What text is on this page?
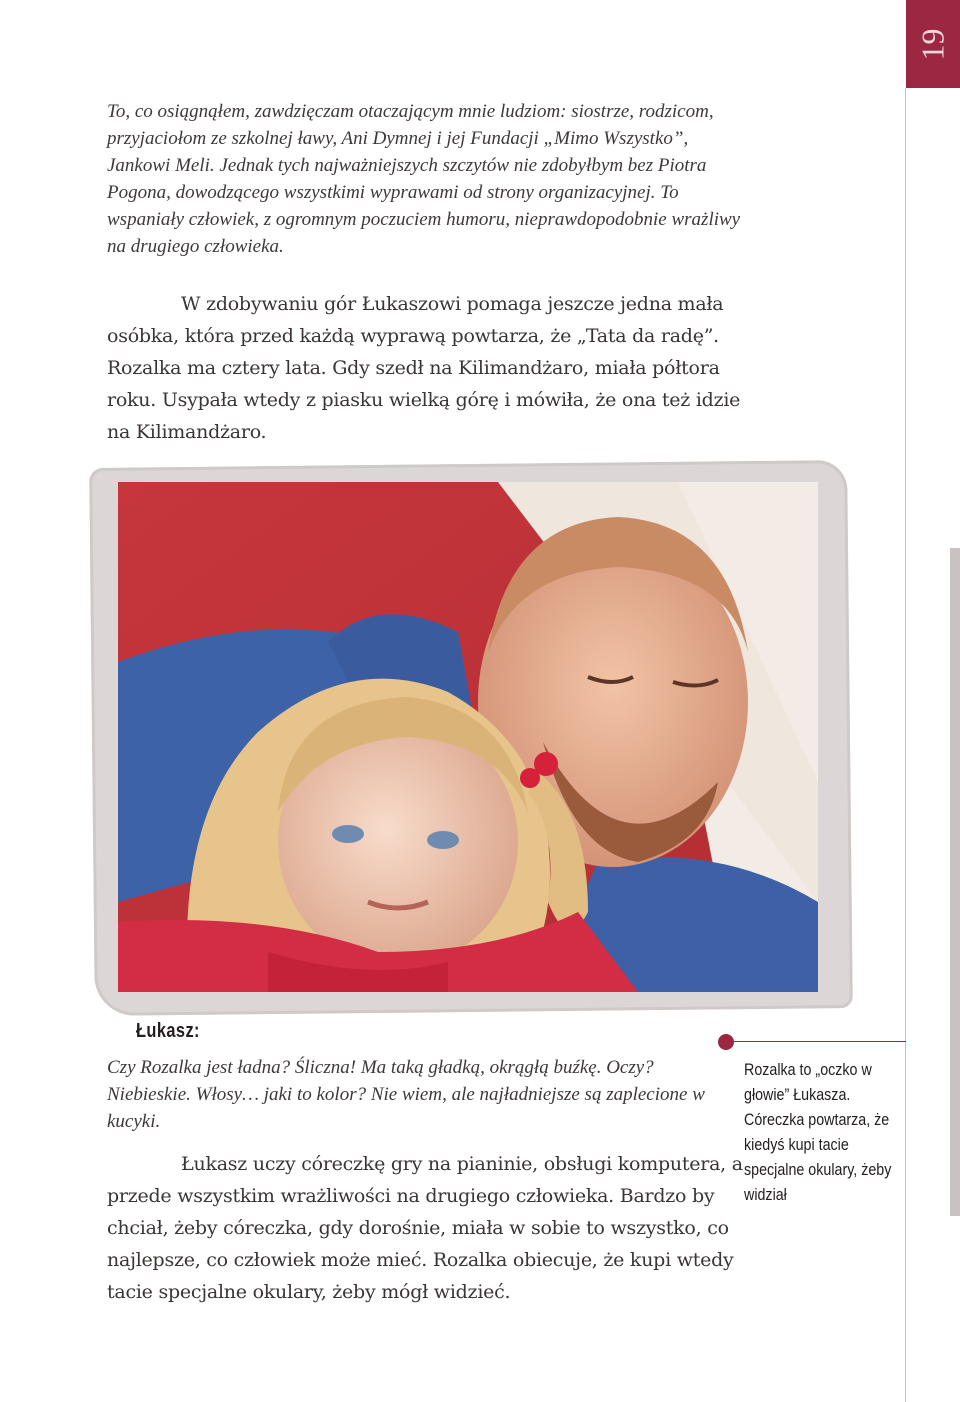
19

To, co osiągnąłem, zawdzięczam otaczającym mnie ludziom: siostrze, rodzicom, przyjaciołom ze szkolnej ławy, Ani Dymnej i jej Fundacji „Mimo Wszystko”, Jankowi Meli. Jednak tych najważniejszych szczytów nie zdobyłbym bez Piotra Pogona, dowodzącego wszystkimi wyprawami od strony organizacyjnej. To wspaniały człowiek, z ogromnym poczuciem humoru, nieprawdopodobnie wrażliwy na drugiego człowieka.

W zdobywaniu gór Łukaszowi pomaga jeszcze jedna mała osóbka, która przed każdą wyprawą powtarza, że „Tata da radę”. Rozalka ma cztery lata. Gdy szedł na Kilimandżaro, miała półtora roku. Usypała wtedy z piasku wielką górę i mówiła, że ona też idzie na Kilimandżaro.

Łukasz:

Czy Rozalka jest ładna? Śliczna! Ma taką gładką, okrągłą buźkę. Oczy? Niebieskie. Włosy… jaki to kolor? Nie wiem, ale najładniejsze są zaplecione w kucyki.

Łukasz uczy córeczkę gry na pianinie, obsługi komputera, a przede wszystkim wrażliwości na drugiego człowieka. Bardzo by chciał, żeby córeczka, gdy dorośnie, miała w sobie to wszystko, co najlepsze, co człowiek może mieć. Rozalka obiecuje, że kupi wtedy tacie specjalne okulary, żeby mógł widzieć.

Rozalka to „oczko w głowie” Łukasza. Córeczka powtarza, że kiedyś kupi tacie specjalne okulary, żeby widział
